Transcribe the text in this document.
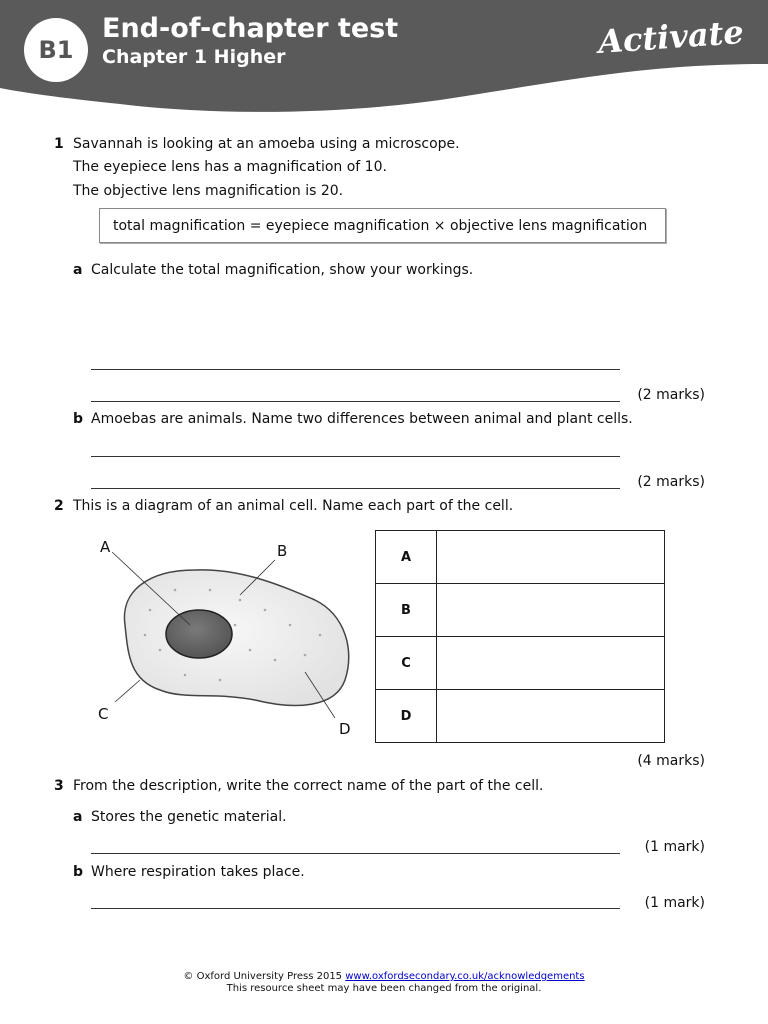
B1
End-of-chapter test
Chapter 1 Higher	Activate
1 Savannah is looking at an amoeba using a microscope.
The eyepiece lens has a magnification of 10.
The objective lens magnification is 20.
total magnification = eyepiece magnification × objective lens magnification
a Calculate the total magnification, show your workings.
(2 marks)
b Amoebas are animals. Name two differences between animal and plant cells.
(2 marks)
2 This is a diagram of an animal cell. Name each part of the cell.
A	B
C
D
A	
B	
C	
D	
(4 marks)
3 From the description, write the correct name of the part of the cell.
a Stores the genetic material.
(1 mark)
b Where respiration takes place.
(1 mark)
© Oxford University Press 2015 www.oxfordsecondary.co.uk/acknowledgements
This resource sheet may have been changed from the original.
